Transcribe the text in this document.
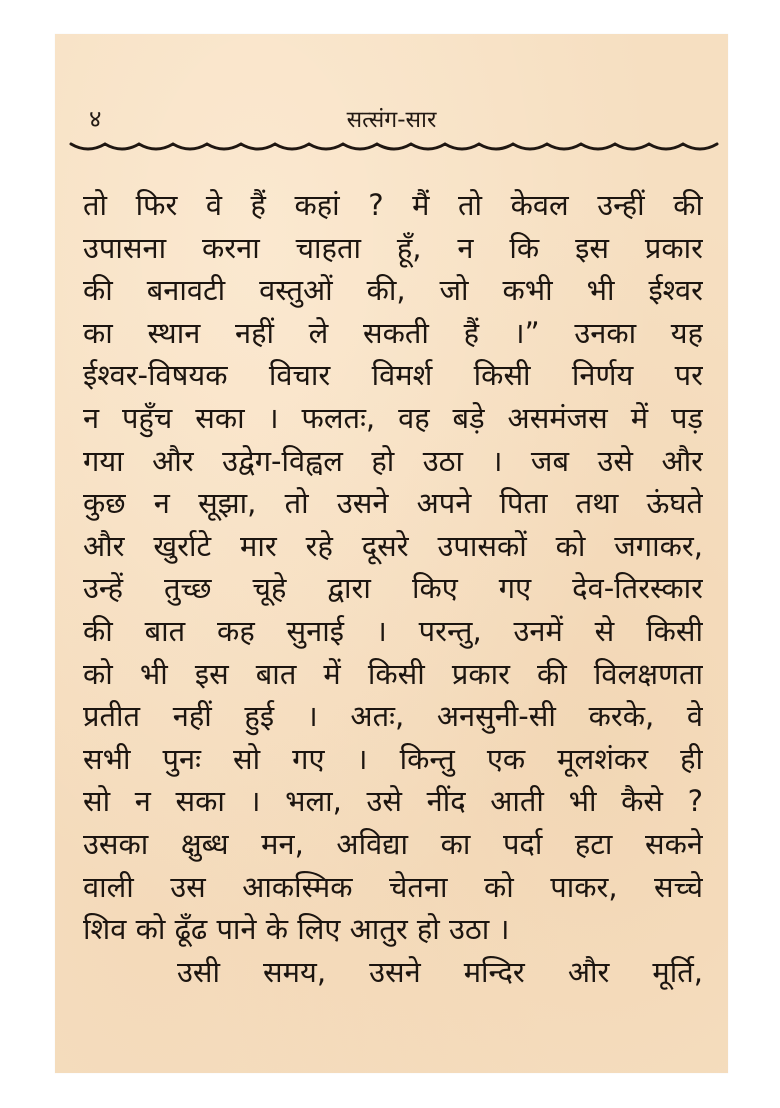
४	सत्संग-सार
तो फिर वे हैं कहां ? मैं तो केवल उन्हीं की
उपासना करना चाहता हूँ, न कि इस प्रकार
की बनावटी वस्तुओं की, जो कभी भी ईश्वर
का स्थान नहीं ले सकती हैं ।” उनका यह
ईश्वर-विषयक विचार विमर्श किसी निर्णय पर
न पहुँच सका । फलतः, वह बड़े असमंजस में पड़
गया और उद्वेग-विह्वल हो उठा । जब उसे और
कुछ न सूझा, तो उसने अपने पिता तथा ऊंघते
और खुर्राटे मार रहे दूसरे उपासकों को जगाकर,
उन्हें तुच्छ चूहे द्वारा किए गए देव-तिरस्कार
की बात कह सुनाई । परन्तु, उनमें से किसी
को भी इस बात में किसी प्रकार की विलक्षणता
प्रतीत नहीं हुई । अतः, अनसुनी-सी करके, वे
सभी पुनः सो गए । किन्तु एक मूलशंकर ही
सो न सका । भला, उसे नींद आती भी कैसे ?
उसका क्षुब्ध मन, अविद्या का पर्दा हटा सकने
वाली उस आकस्मिक चेतना को पाकर, सच्चे
शिव को ढूँढ पाने के लिए आतुर हो उठा ।
उसी समय, उसने मन्दिर और मूर्ति,
